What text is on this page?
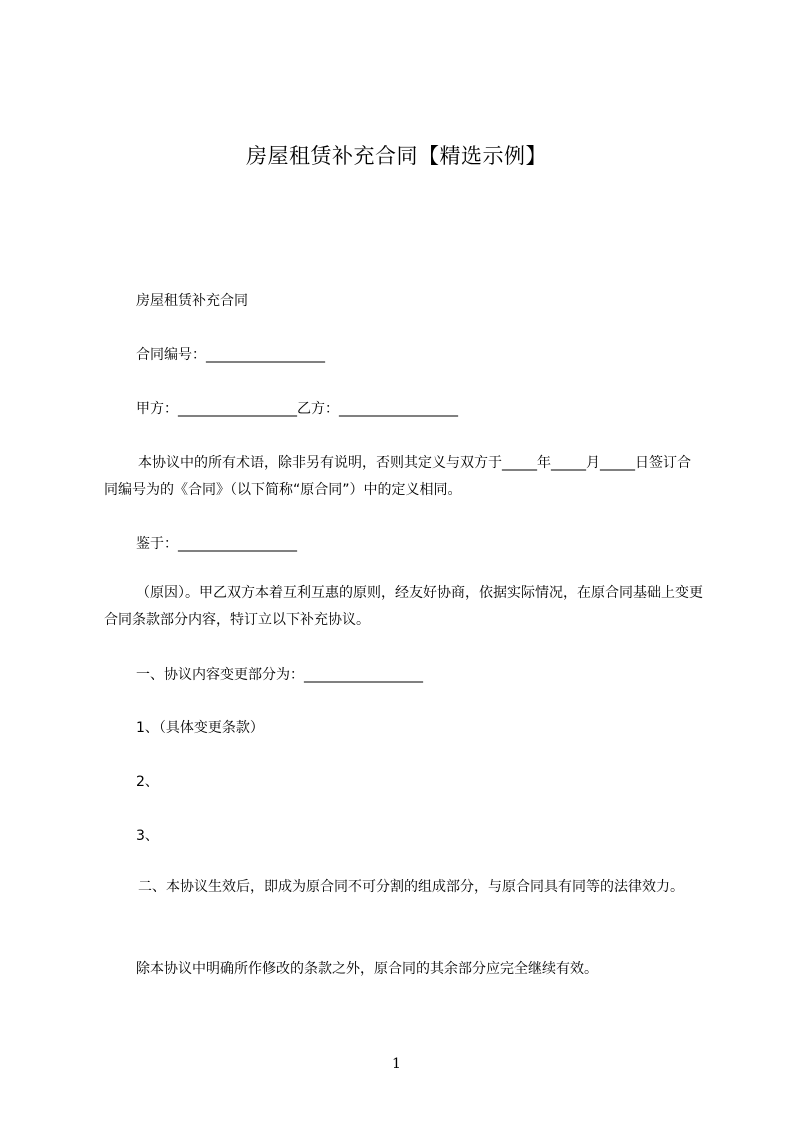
房屋租赁补充合同【精选示例】
房屋租赁补充合同
合同编号：_________________
甲方：_________________乙方：_________________
本协议中的所有术语，除非另有说明，否则其定义与双方于_____年_____月_____日签订合同编号为的《合同》（以下简称“原合同”）中的定义相同。
鉴于：_________________
（原因）。甲乙双方本着互利互惠的原则，经友好协商，依据实际情况，在原合同基础上变更合同条款部分内容，特订立以下补充协议。
一、协议内容变更部分为：_________________
1、（具体变更条款）
2、
3、
二、本协议生效后，即成为原合同不可分割的组成部分，与原合同具有同等的法律效力。
除本协议中明确所作修改的条款之外，原合同的其余部分应完全继续有效。
1
